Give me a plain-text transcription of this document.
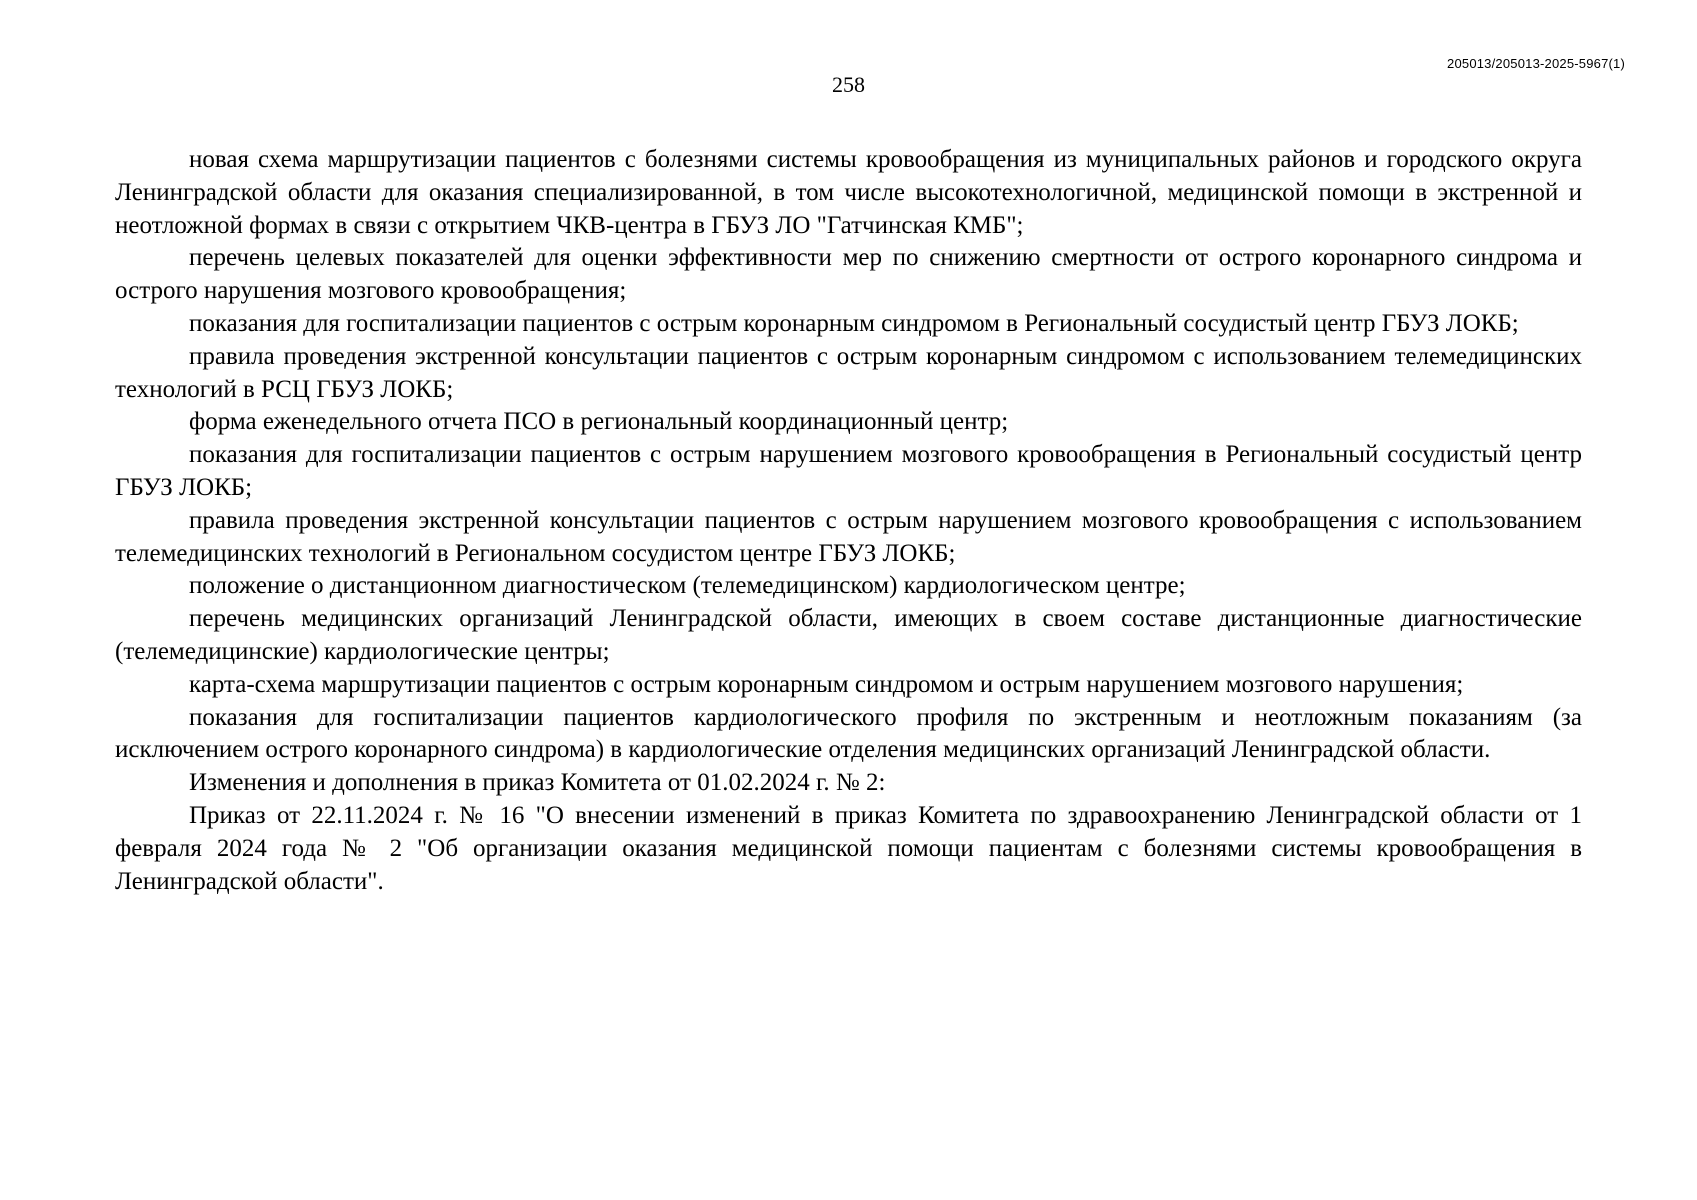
205013/205013-2025-5967(1)
258

новая схема маршрутизации пациентов с болезнями системы кровообращения из муниципальных районов и городского округа Ленинградской области для оказания специализированной, в том числе высокотехнологичной, медицинской помощи в экстренной и неотложной формах в связи с открытием ЧКВ-центра в ГБУЗ ЛО "Гатчинская КМБ";

перечень целевых показателей для оценки эффективности мер по снижению смертности от острого коронарного синдрома и острого нарушения мозгового кровообращения;

показания для госпитализации пациентов с острым коронарным синдромом в Региональный сосудистый центр ГБУЗ ЛОКБ;

правила проведения экстренной консультации пациентов с острым коронарным синдромом с использованием телемедицинских технологий в РСЦ ГБУЗ ЛОКБ;

форма еженедельного отчета ПСО в региональный координационный центр;

показания для госпитализации пациентов с острым нарушением мозгового кровообращения в Региональный сосудистый центр ГБУЗ ЛОКБ;

правила проведения экстренной консультации пациентов с острым нарушением мозгового кровообращения с использованием телемедицинских технологий в Региональном сосудистом центре ГБУЗ ЛОКБ;

положение о дистанционном диагностическом (телемедицинском) кардиологическом центре;

перечень медицинских организаций Ленинградской области, имеющих в своем составе дистанционные диагностические (телемедицинские) кардиологические центры;

карта-схема маршрутизации пациентов с острым коронарным синдромом и острым нарушением мозгового нарушения;

показания для госпитализации пациентов кардиологического профиля по экстренным и неотложным показаниям (за исключением острого коронарного синдрома) в кардиологические отделения медицинских организаций Ленинградской области.

Изменения и дополнения в приказ Комитета от 01.02.2024 г. № 2:

Приказ от 22.11.2024 г. № 16 "О внесении изменений в приказ Комитета по здравоохранению Ленинградской области от 1 февраля 2024 года № 2 "Об организации оказания медицинской помощи пациентам с болезнями системы кровообращения в Ленинградской области".
